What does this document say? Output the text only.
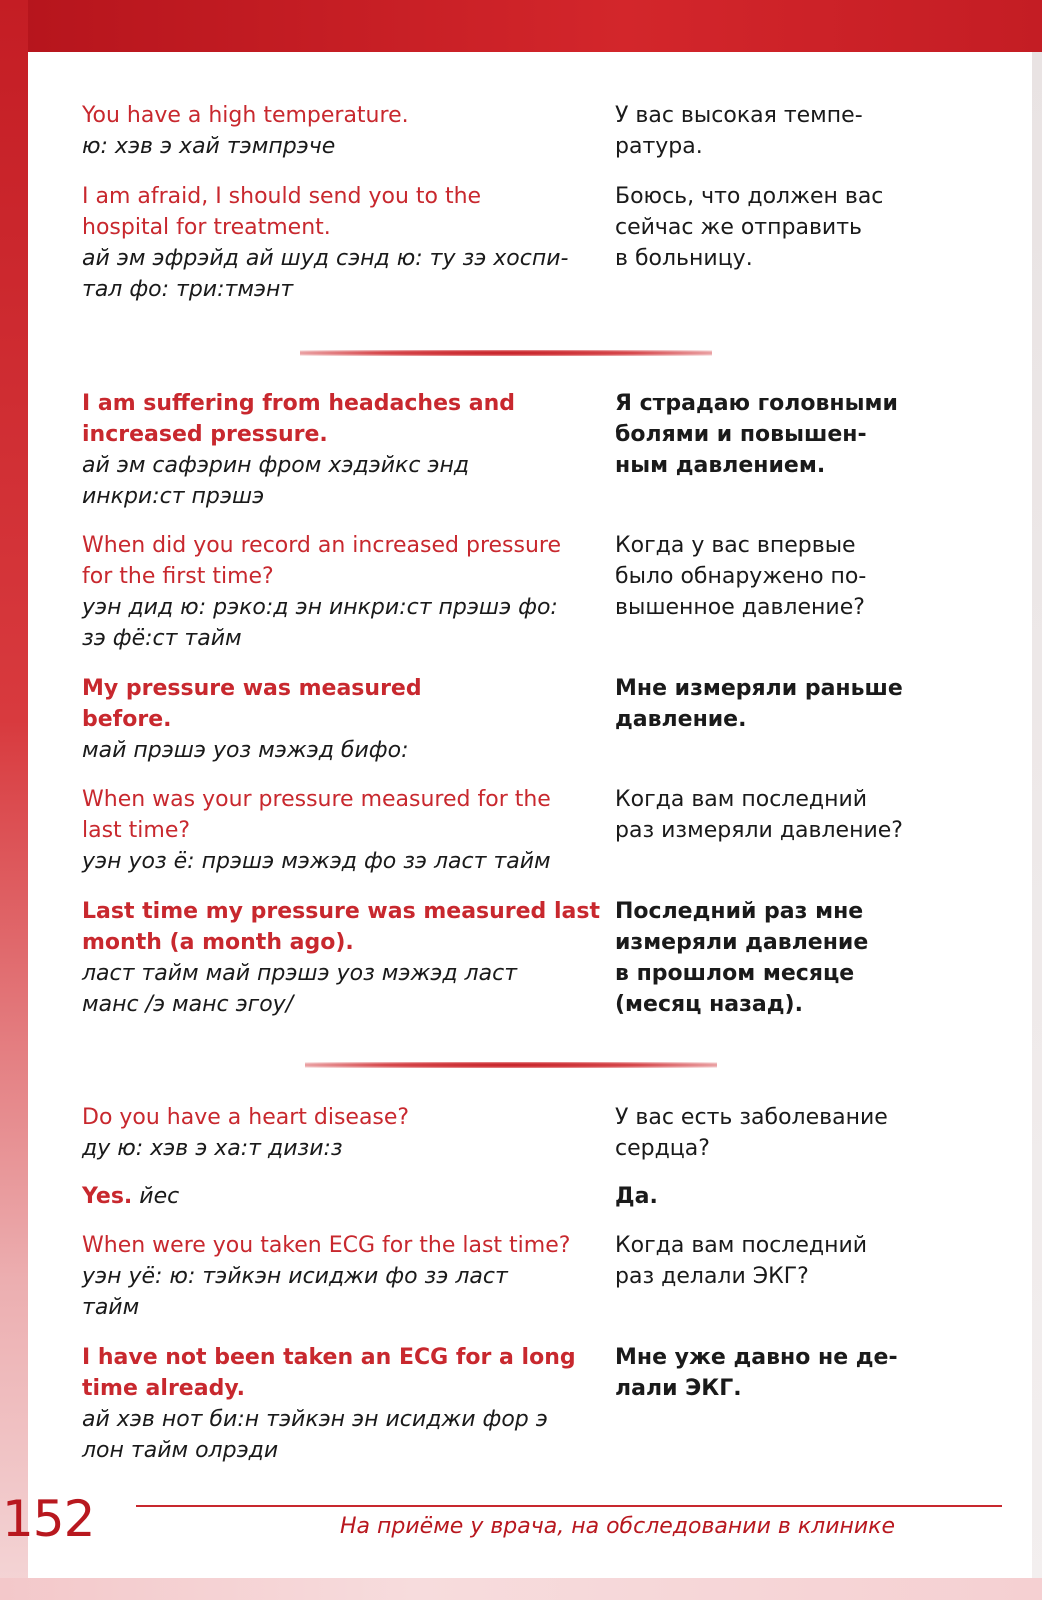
You have a high temperature.
ю: хэв э хай тэмпрэче
У вас высокая темпе-
ратура.
I am afraid, I should send you to the
hospital for treatment.
ай эм эфрэйд ай шуд сэнд ю: ту зэ хоспи-
тал фо: три:тмэнт
Боюсь, что должен вас
сейчас же отправить
в больницу.
I am suffering from headaches and
increased pressure.
ай эм сафэрин фром хэдэйкс энд
инкри:ст прэшэ
Я страдаю головными
болями и повышен-
ным давлением.
When did you record an increased pressure
for the first time?
уэн дид ю: рэко:д эн инкри:ст прэшэ фо:
зэ фё:ст тайм
Когда у вас впервые
было обнаружено по-
вышенное давление?
My pressure was measured
before.
май прэшэ уоз мэжэд бифо:
Мне измеряли раньше
давление.
When was your pressure measured for the
last time?
уэн уоз ё: прэшэ мэжэд фо зэ ласт тайм
Когда вам последний
раз измеряли давление?
Last time my pressure was measured last
month (a month ago).
ласт тайм май прэшэ уоз мэжэд ласт
манс /э манс эгоу/
Последний раз мне
измеряли давление
в прошлом месяце
(месяц назад).
Do you have a heart disease?
ду ю: хэв э ха:т дизи:з
У вас есть заболевание
сердца?
Yes. йес	Да.
When were you taken ECG for the last time?
уэн уё: ю: тэйкэн исиджи фо зэ ласт
тайм
Когда вам последний
раз делали ЭКГ?
I have not been taken an ECG for a long
time already.
ай хэв нот би:н тэйкэн эн исиджи фор э
лон тайм олрэди
Мне уже давно не де-
лали ЭКГ.
152	На приёме у врача, на обследовании в клинике
